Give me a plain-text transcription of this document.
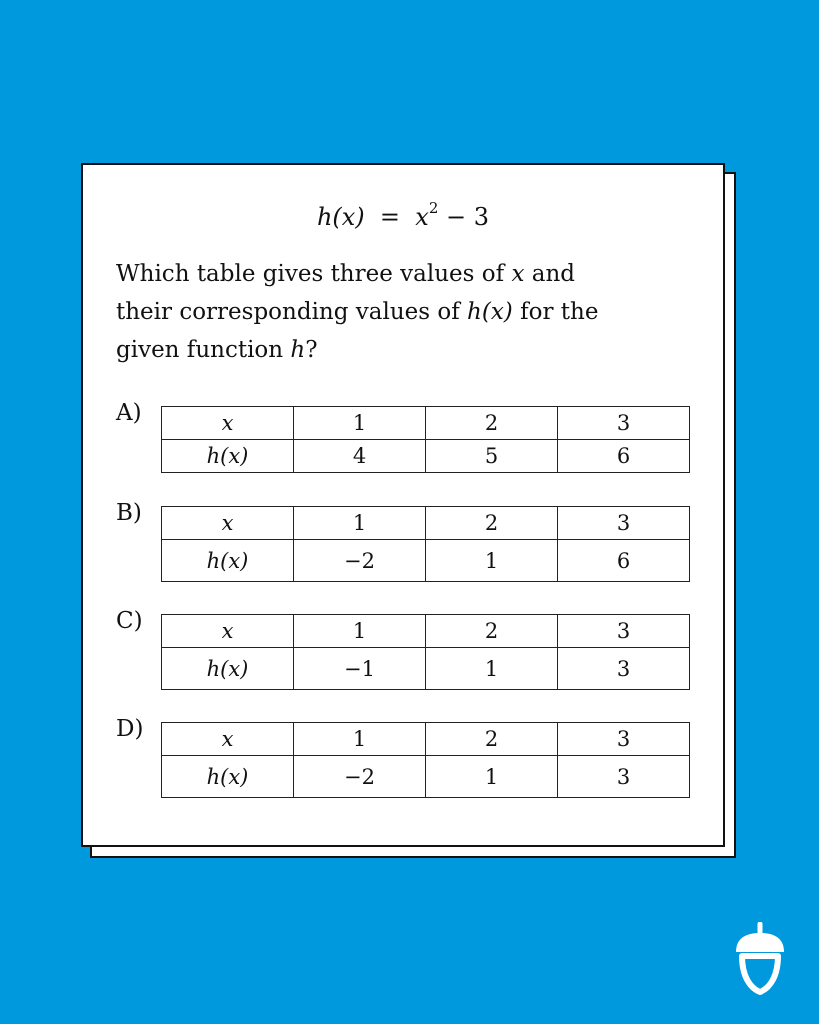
$h(x) = x^2 - 3$
Which table gives three values of x and their corresponding values of h(x) for the given function h?
A)	x	1	2	3
h(x)	4	5	6
B)	x	1	2	3
h(x)	−2	1	6
C)	x	1	2	3
h(x)	−1	1	3
D)	x	1	2	3
h(x)	−2	1	3
